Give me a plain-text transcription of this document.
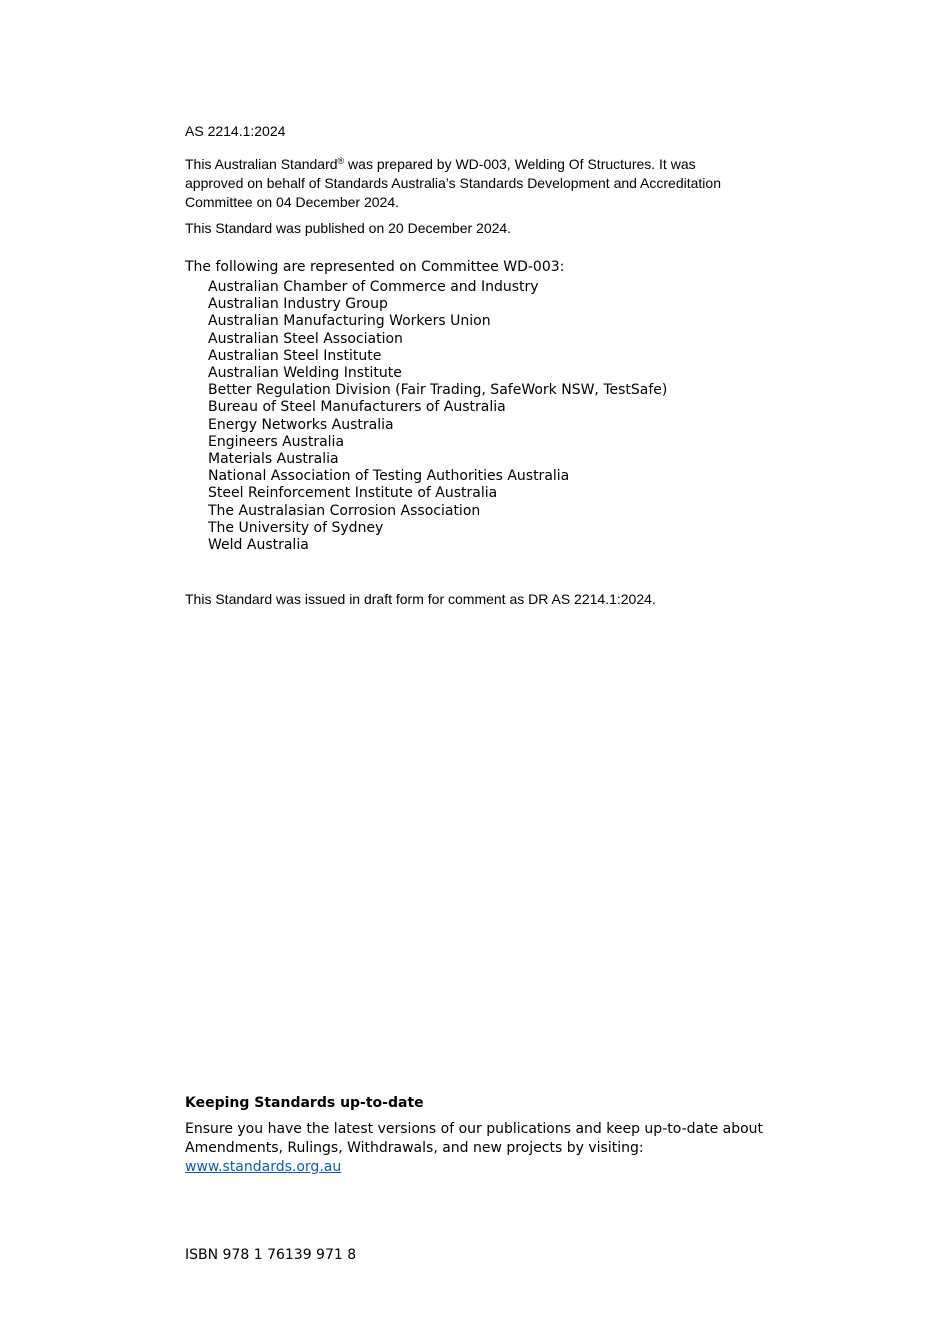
AS 2214.1:2024
This Australian Standard® was prepared by WD-003, Welding Of Structures. It was approved on behalf of Standards Australia’s Standards Development and Accreditation Committee on 04 December 2024.
This Standard was published on 20 December 2024.
The following are represented on Committee WD-003:
Australian Chamber of Commerce and Industry
Australian Industry Group
Australian Manufacturing Workers Union
Australian Steel Association
Australian Steel Institute
Australian Welding Institute
Better Regulation Division (Fair Trading, SafeWork NSW, TestSafe)
Bureau of Steel Manufacturers of Australia
Energy Networks Australia
Engineers Australia
Materials Australia
National Association of Testing Authorities Australia
Steel Reinforcement Institute of Australia
The Australasian Corrosion Association
The University of Sydney
Weld Australia
This Standard was issued in draft form for comment as DR AS 2214.1:2024.
Keeping Standards up-to-date
Ensure you have the latest versions of our publications and keep up-to-date about Amendments, Rulings, Withdrawals, and new projects by visiting:
www.standards.org.au
ISBN 978 1 76139 971 8
